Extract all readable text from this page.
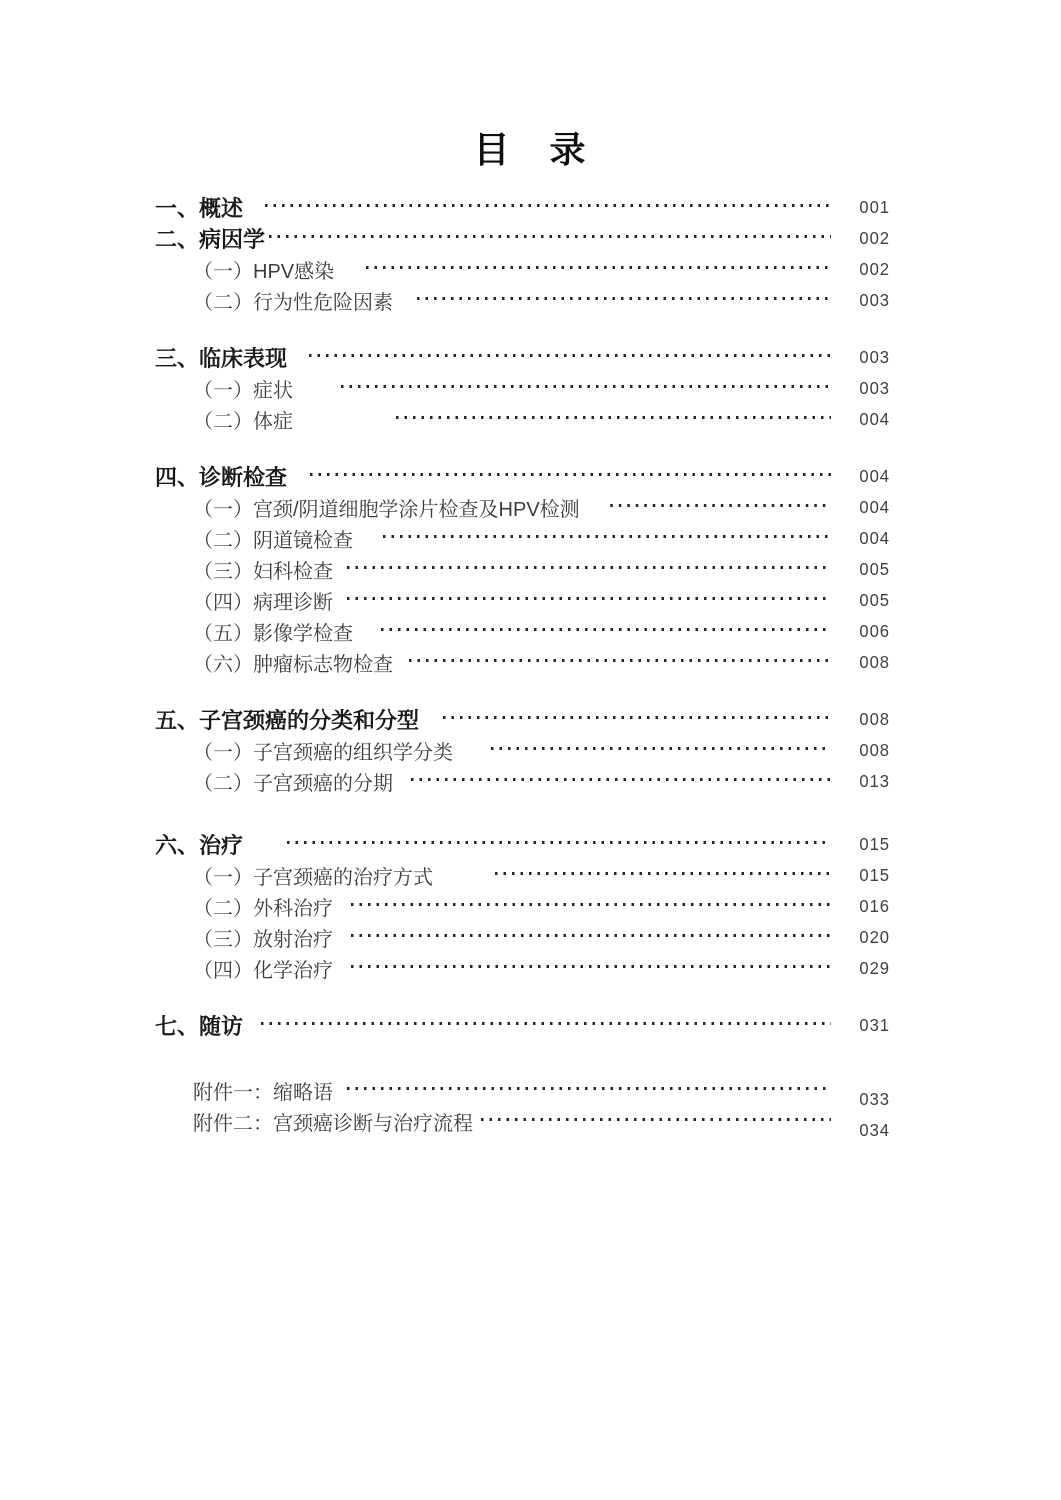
目　录
一、概述	001
二、病因学	002
（一）HPV感染	002
（二）行为性危险因素	003
三、临床表现	003
（一）症状	003
（二）体症	004
四、诊断检查	004
（一）宫颈/阴道细胞学涂片检查及HPV检测	004
（二）阴道镜检查	004
（三）妇科检查	005
（四）病理诊断	005
（五）影像学检查	006
（六）肿瘤标志物检查	008
五、子宫颈癌的分类和分型	008
（一）子宫颈癌的组织学分类	008
（二）子宫颈癌的分期	013
六、治疗	015
（一）子宫颈癌的治疗方式	015
（二）外科治疗	016
（三）放射治疗	020
（四）化学治疗	029
七、随访	031
附件一：缩略语	033
附件二：宫颈癌诊断与治疗流程	034
